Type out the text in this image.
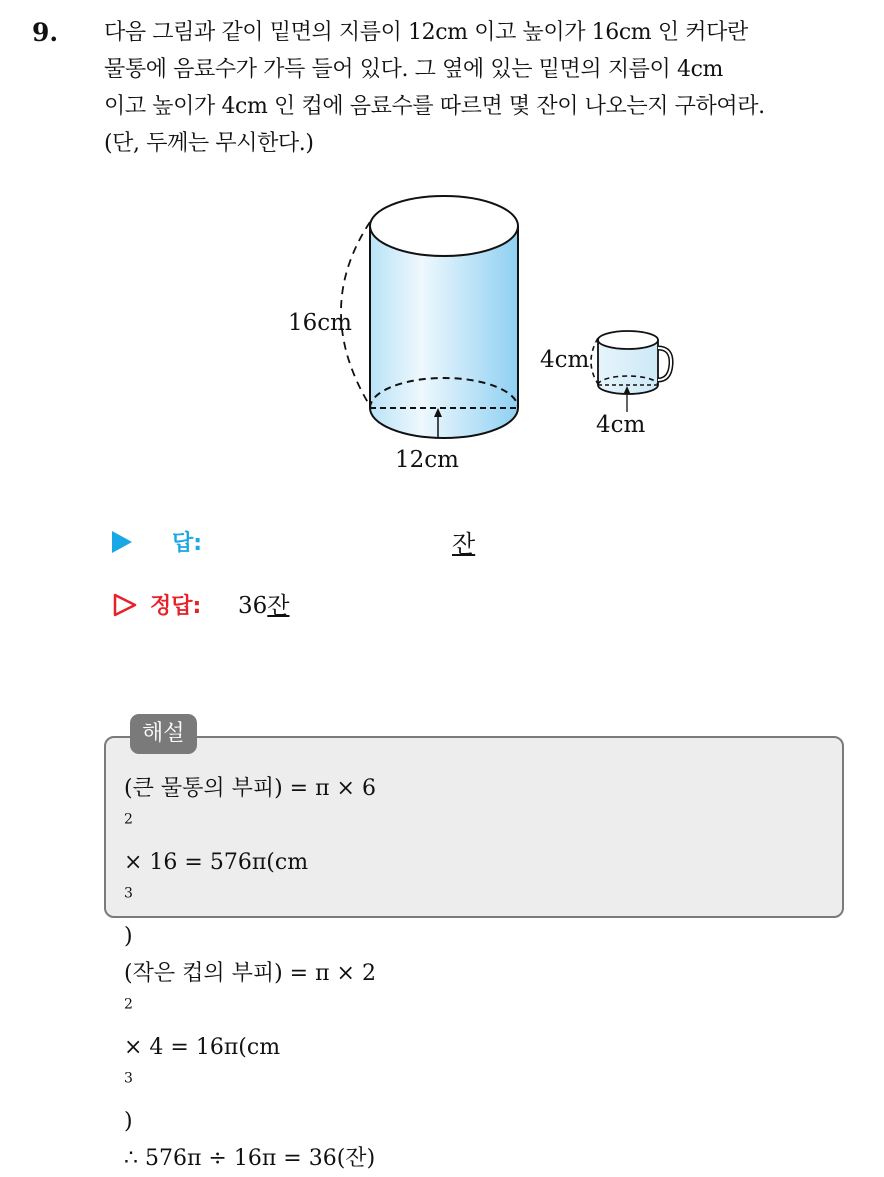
9. 다음 그림과 같이 밑면의 지름이 12cm 이고 높이가 16cm 인 커다란
물통에 음료수가 가득 들어 있다. 그 옆에 있는 밑면의 지름이 4cm
이고 높이가 4cm 인 컵에 음료수를 따르면 몇 잔이 나오는지 구하여라.
(단, 두께는 무시한다.)
16cm
12cm
4cm
4cm
답:	잔
정답: 36잔
해설
(큰 물통의 부피) = π × 6
$^2$
× 16 = 576π(cm
$^3$
)
(작은 컵의 부피) = π × 2
$^2$
× 4 = 16π(cm
$^3$
)
∴ 576π ÷ 16π = 36(잔)
